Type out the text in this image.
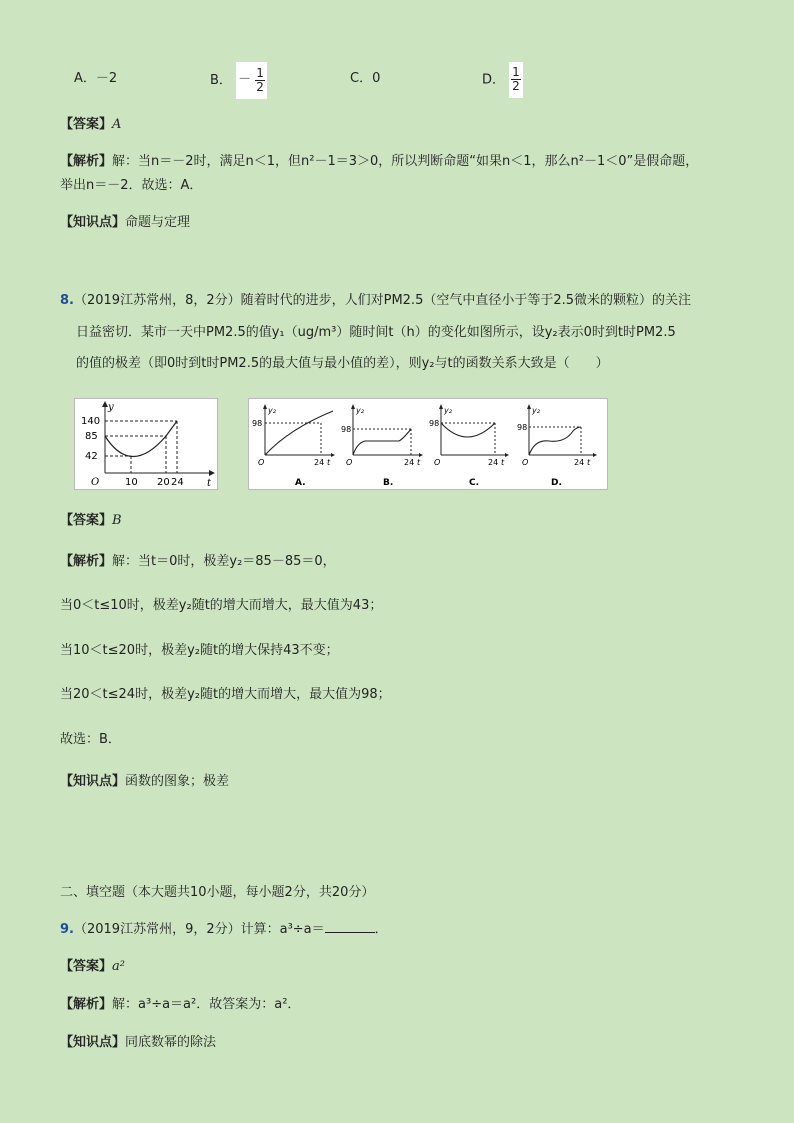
A．－2	B． － $\frac{1}{2}$	C．0	D． $\frac{1}{2}$
【答案】A
【解析】解：当n＝－2时，满足n＜1，但n²－1＝3＞0，所以判断命题“如果n＜1，那么n²－1＜0”是假命题，
举出n＝－2．故选：A．
【知识点】命题与定理
8.（2019江苏常州，8，2分）随着时代的进步，人们对PM2.5（空气中直径小于等于2.5微米的颗粒）的关注
日益密切．某市一天中PM2.5的值y₁（ug/m³）随时间t（h）的变化如图所示，设y₂表示0时到t时PM2.5
的值的极差（即0时到t时PM2.5的最大值与最小值的差），则y₂与t的函数关系大致是（　　）
y
t
O
140
85
42
10 20 24
y₂
98
O	24 t
A.
y₂
98
O	24 t
B.
y₂
98
O	24 t
C.
y₂
98
O	24 t
D.
【答案】B
【解析】解：当t＝0时，极差y₂＝85－85＝0，
当0＜t≤10时，极差y₂随t的增大而增大，最大值为43；
当10＜t≤20时，极差y₂随t的增大保持43不变；
当20＜t≤24时，极差y₂随t的增大而增大，最大值为98；
故选：B．
【知识点】函数的图象；极差
二、填空题（本大题共10小题，每小题2分，共20分）
9.（2019江苏常州，9，2分）计算：a³÷a＝	．
【答案】a²
【解析】解：a³÷a＝a²．故答案为：a²．
【知识点】同底数幂的除法
